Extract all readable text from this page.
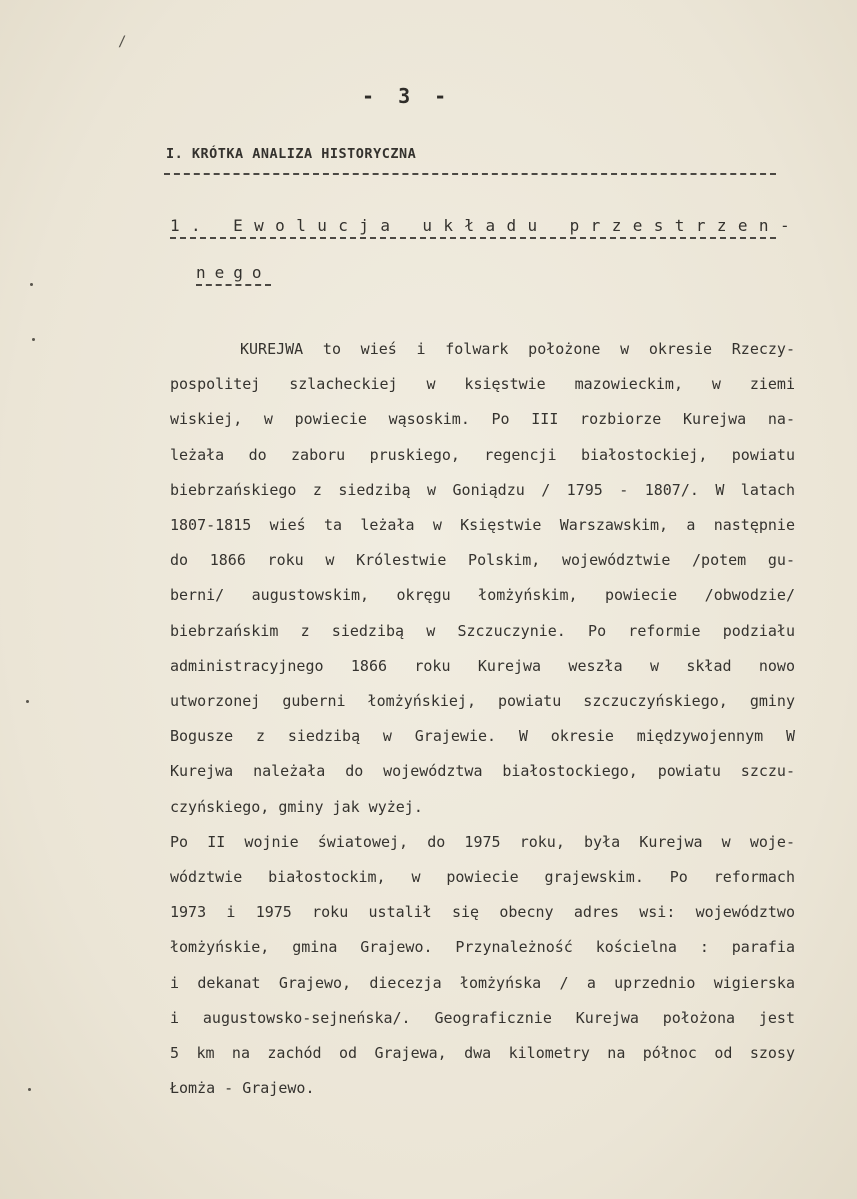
/
- 3 -
I. KRÓTKA ANALIZA HISTORYCZNA
1. Ewolucja układu przestrzen-
nego
KUREJWA to wieś i folwark położone w okresie Rzeczy-
pospolitej szlacheckiej w księstwie mazowieckim, w ziemi
wiskiej, w powiecie wąsoskim. Po III rozbiorze Kurejwa na-
leżała do zaboru pruskiego, regencji białostockiej, powiatu
biebrzańskiego z siedzibą w Goniądzu / 1795 - 1807/. W latach
1807-1815 wieś ta leżała w Księstwie Warszawskim, a następnie
do 1866 roku w Królestwie Polskim, województwie /potem gu-
berni/ augustowskim, okręgu łomżyńskim, powiecie /obwodzie/
biebrzańskim z siedzibą w Szczuczynie. Po reformie podziału
administracyjnego 1866 roku Kurejwa weszła w skład nowo
utworzonej guberni łomżyńskiej, powiatu szczuczyńskiego, gminy
Bogusze z siedzibą w Grajewie. W okresie międzywojennym W
Kurejwa należała do województwa białostockiego, powiatu szczu-
czyńskiego, gminy jak wyżej.
Po II wojnie światowej, do 1975 roku, była Kurejwa w woje-
wództwie białostockim, w powiecie grajewskim. Po reformach
1973 i 1975 roku ustalił się obecny adres wsi: województwo
łomżyńskie, gmina Grajewo. Przynależność kościelna : parafia
i dekanat Grajewo, diecezja łomżyńska / a uprzednio wigierska
i augustowsko-sejneńska/. Geograficznie Kurejwa położona jest
5 km na zachód od Grajewa, dwa kilometry na północ od szosy
Łomża - Grajewo.
